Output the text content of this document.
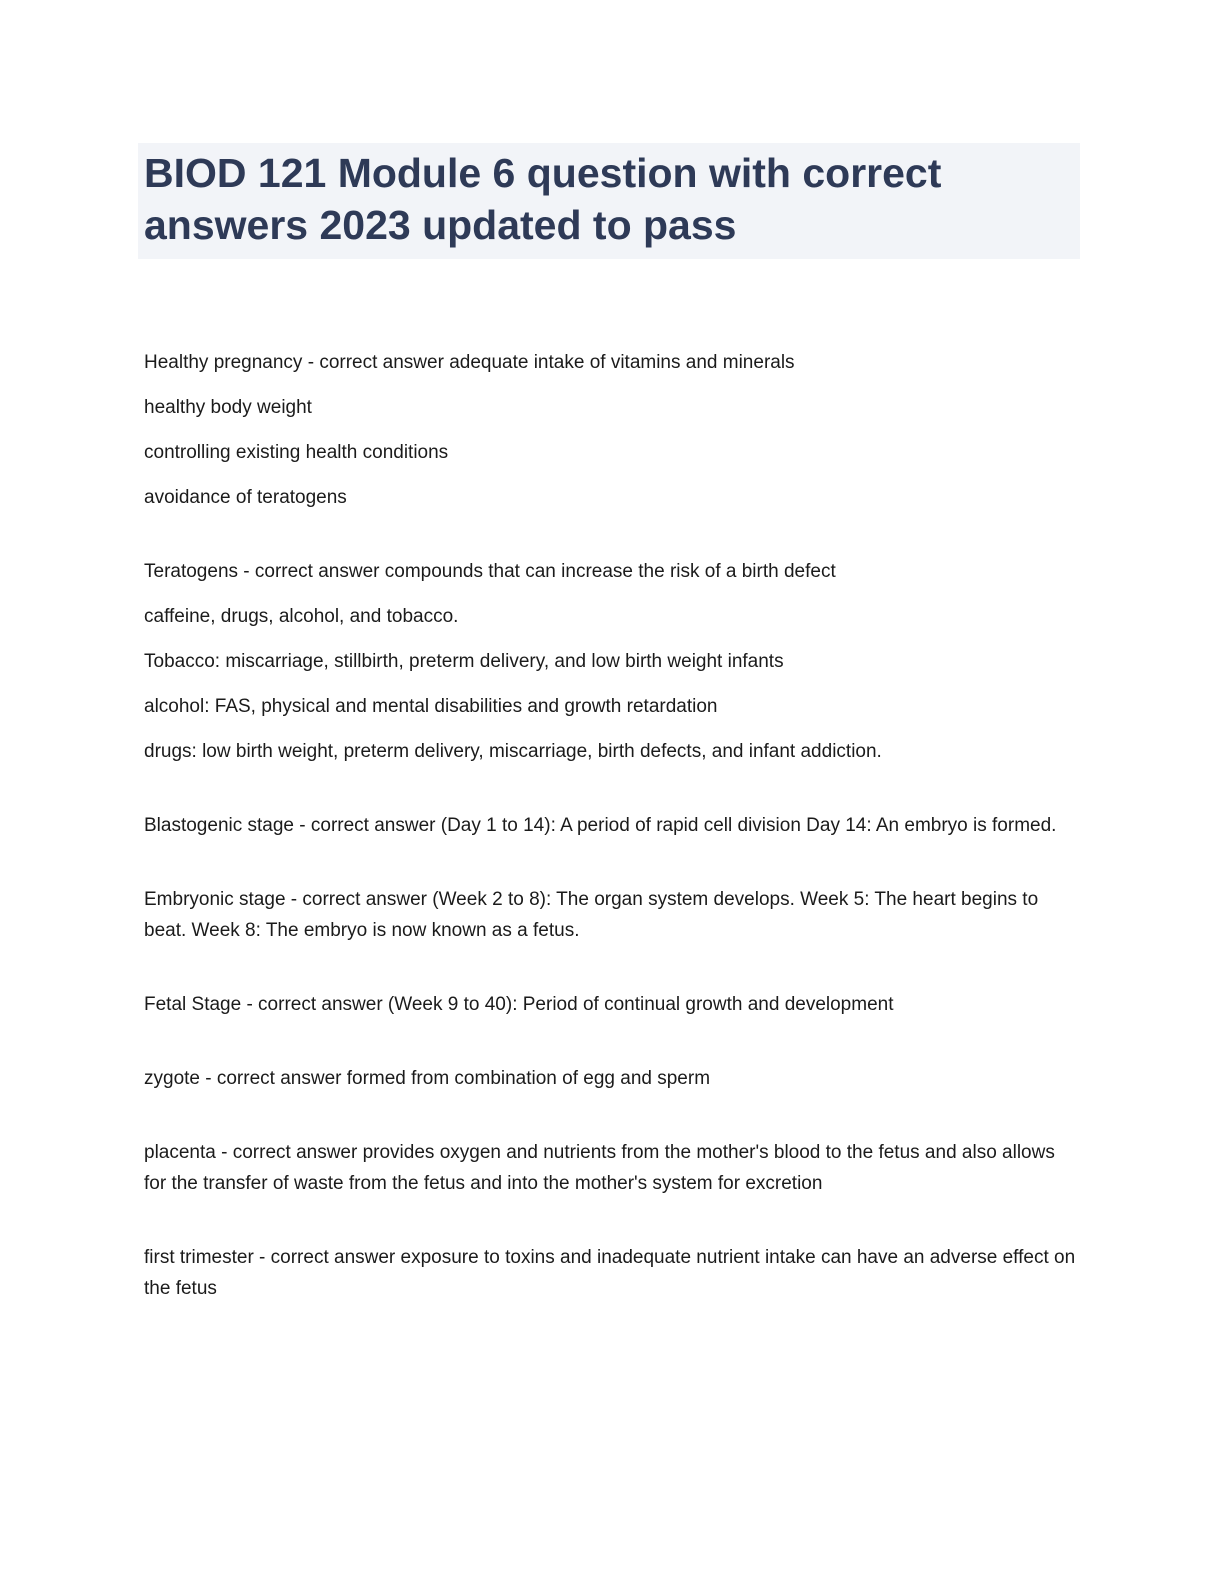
BIOD 121 Module 6 question with correct answers 2023 updated to pass

Healthy pregnancy - correct answer adequate intake of vitamins and minerals

healthy body weight

controlling existing health conditions

avoidance of teratogens

Teratogens - correct answer compounds that can increase the risk of a birth defect

caffeine, drugs, alcohol, and tobacco.

Tobacco: miscarriage, stillbirth, preterm delivery, and low birth weight infants

alcohol: FAS, physical and mental disabilities and growth retardation

drugs: low birth weight, preterm delivery, miscarriage, birth defects, and infant addiction.

Blastogenic stage - correct answer (Day 1 to 14): A period of rapid cell division Day 14: An embryo is formed.

Embryonic stage - correct answer (Week 2 to 8): The organ system develops. Week 5: The heart begins to beat. Week 8: The embryo is now known as a fetus.

Fetal Stage - correct answer (Week 9 to 40): Period of continual growth and development

zygote - correct answer formed from combination of egg and sperm

placenta - correct answer provides oxygen and nutrients from the mother's blood to the fetus and also allows for the transfer of waste from the fetus and into the mother's system for excretion

first trimester - correct answer exposure to toxins and inadequate nutrient intake can have an adverse effect on the fetus
